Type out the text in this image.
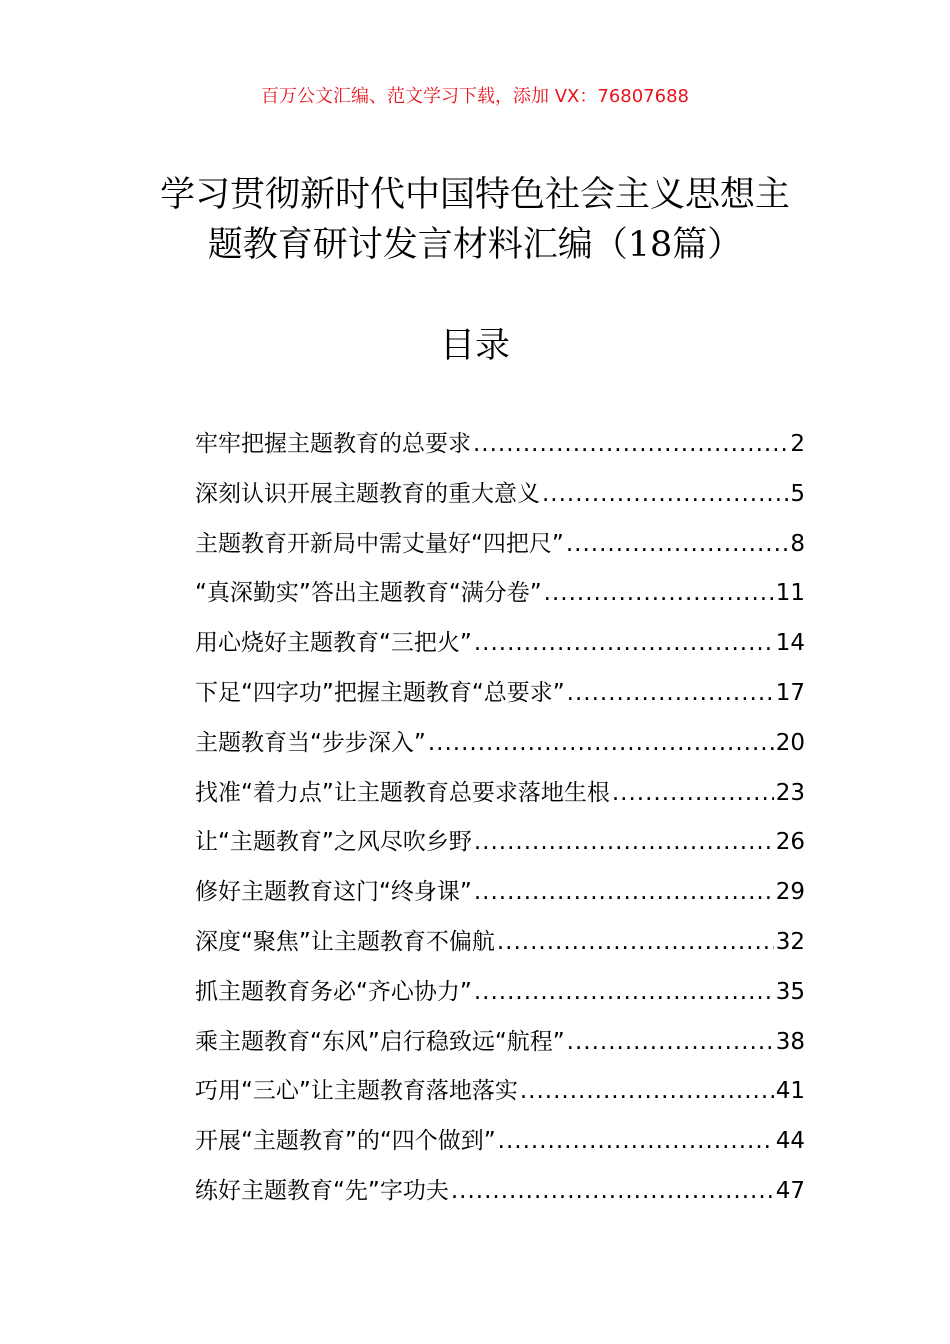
百万公文汇编、范文学习下载，添加 VX：76807688
学习贯彻新时代中国特色社会主义思想主
题教育研讨发言材料汇编（18篇）
目录
牢牢把握主题教育的总要求 .....	2
深刻认识开展主题教育的重大意义 .....	5
主题教育开新局中需丈量好“四把尺” .....	8
“真深勤实”答出主题教育“满分卷” .....	11
用心烧好主题教育“三把火” .....	14
下足“四字功”把握主题教育“总要求” .....	17
主题教育当“步步深入” .....	20
找准“着力点”让主题教育总要求落地生根 .....	23
让“主题教育”之风尽吹乡野 .....	26
修好主题教育这门“终身课” .....	29
深度“聚焦”让主题教育不偏航 .....	32
抓主题教育务必“齐心协力” .....	35
乘主题教育“东风”启行稳致远“航程” .....	38
巧用“三心”让主题教育落地落实 .....	41
开展“主题教育”的“四个做到” .....	44
练好主题教育“先”字功夫 .....	47
